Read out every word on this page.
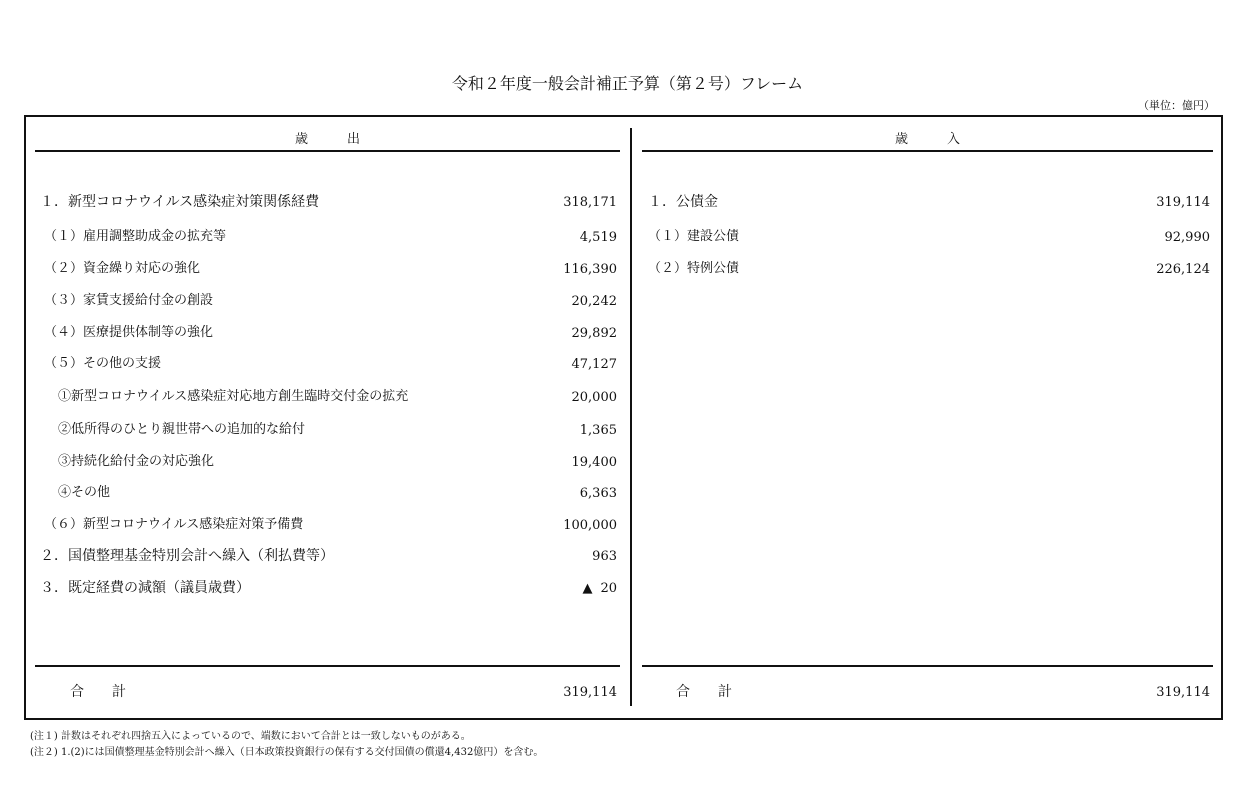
令和２年度一般会計補正予算（第２号）フレーム
（単位：億円）
歳　　　出	歳　　　入
１．新型コロナウイルス感染症対策関係経費	318,171
（１）雇用調整助成金の拡充等	4,519
（２）資金繰り対応の強化	116,390
（３）家賃支援給付金の創設	20,242
（４）医療提供体制等の強化	29,892
（５）その他の支援	47,127
①新型コロナウイルス感染症対応地方創生臨時交付金の拡充	20,000
②低所得のひとり親世帯への追加的な給付	1,365
③持続化給付金の対応強化	19,400
④その他	6,363
（６）新型コロナウイルス感染症対策予備費	100,000
２．国債整理基金特別会計へ繰入（利払費等）	963
３．既定経費の減額（議員歳費）	▲ 20
合　　計	319,114
１．公債金	319,114
（１）建設公債	92,990
（２）特例公債	226,124
合　　計	319,114
(注１) 計数はそれぞれ四捨五入によっているので、端数において合計とは一致しないものがある。
(注２) 1.(2)には国債整理基金特別会計へ繰入（日本政策投資銀行の保有する交付国債の償還4,432億円）を含む。
